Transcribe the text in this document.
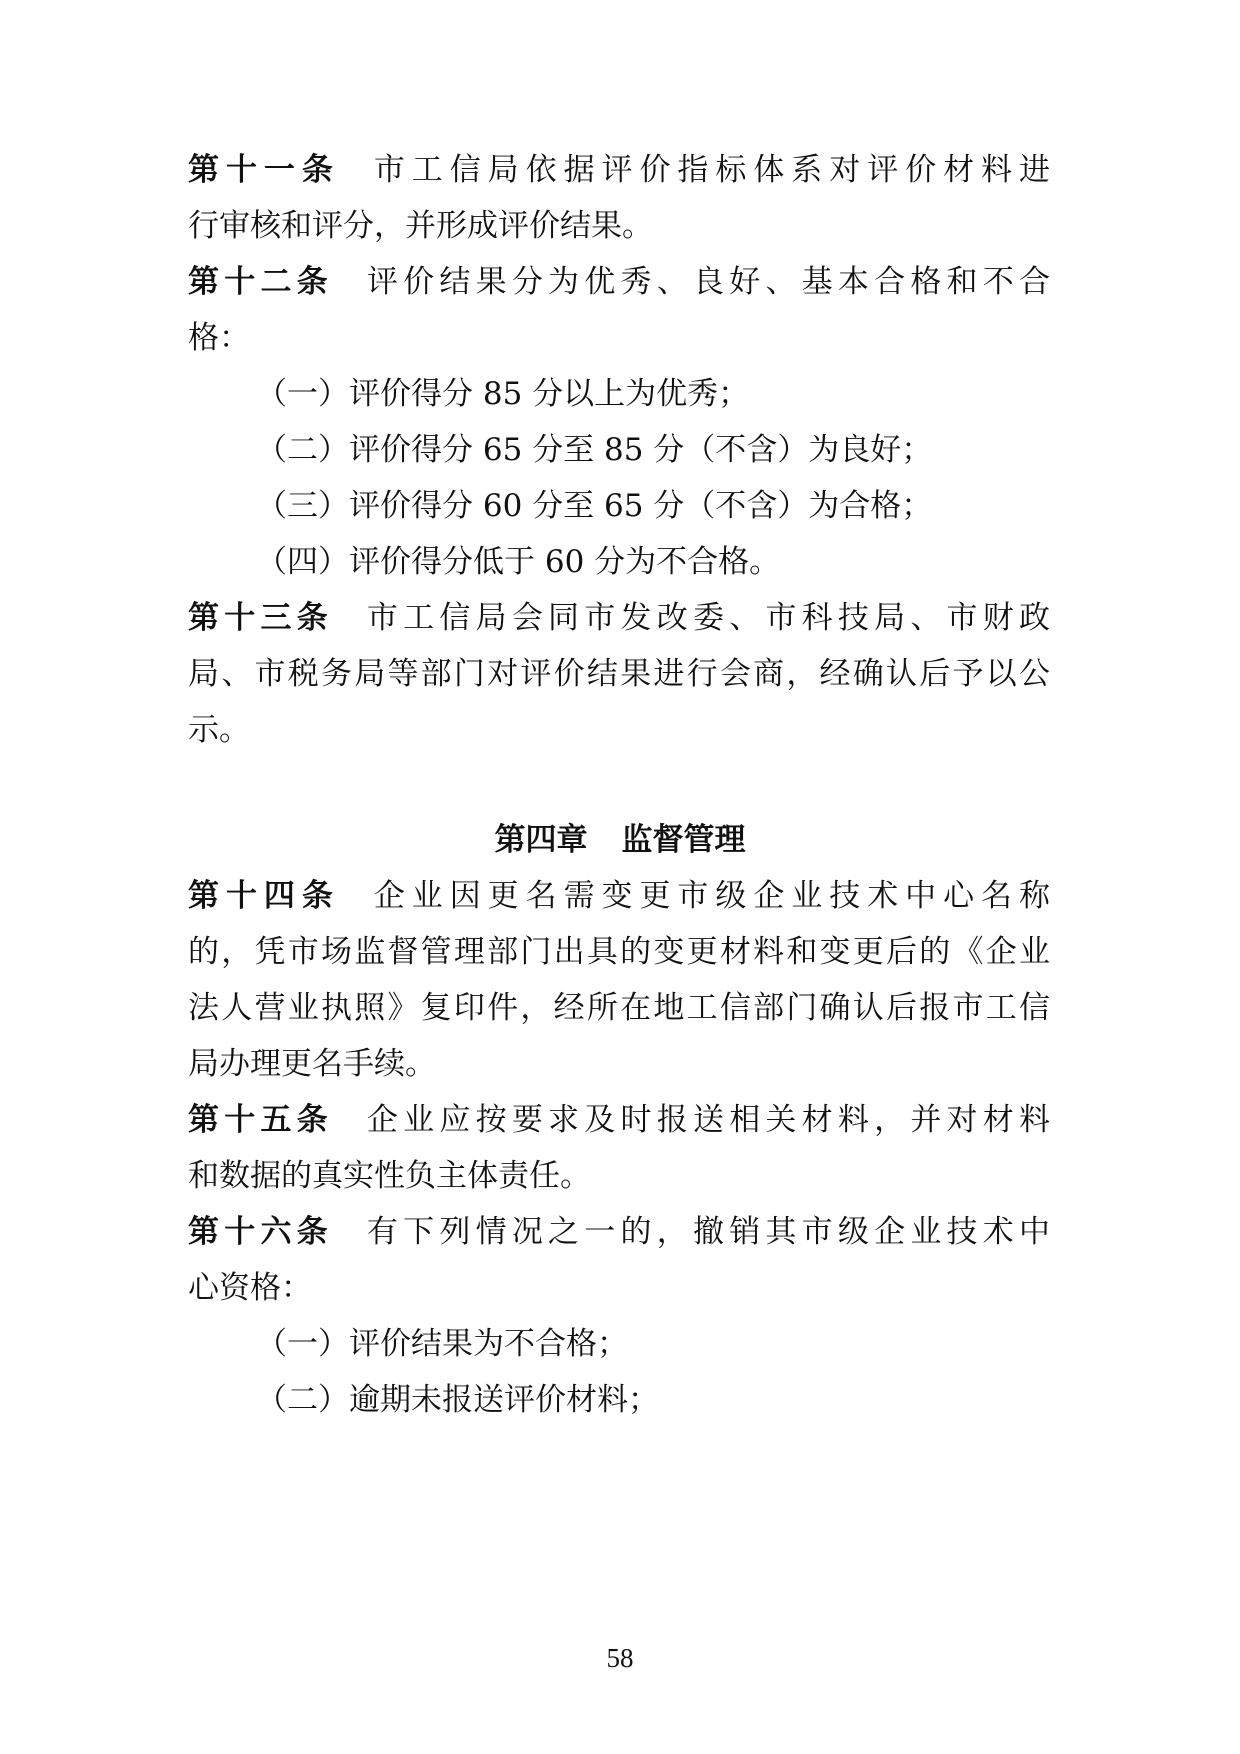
第十一条 市工信局依据评价指标体系对评价材料进
行审核和评分，并形成评价结果。
第十二条 评价结果分为优秀、良好、基本合格和不合
格：
（一）评价得分 85 分以上为优秀；
（二）评价得分 65 分至 85 分（不含）为良好；
（三）评价得分 60 分至 65 分（不含）为合格；
（四）评价得分低于 60 分为不合格。
第十三条 市工信局会同市发改委、市科技局、市财政
局、市税务局等部门对评价结果进行会商，经确认后予以公
示。
第四章 监督管理
第十四条 企业因更名需变更市级企业技术中心名称
的，凭市场监督管理部门出具的变更材料和变更后的《企业
法人营业执照》复印件，经所在地工信部门确认后报市工信
局办理更名手续。
第十五条 企业应按要求及时报送相关材料，并对材料
和数据的真实性负主体责任。
第十六条 有下列情况之一的，撤销其市级企业技术中
心资格：
（一）评价结果为不合格；
（二）逾期未报送评价材料；
58
